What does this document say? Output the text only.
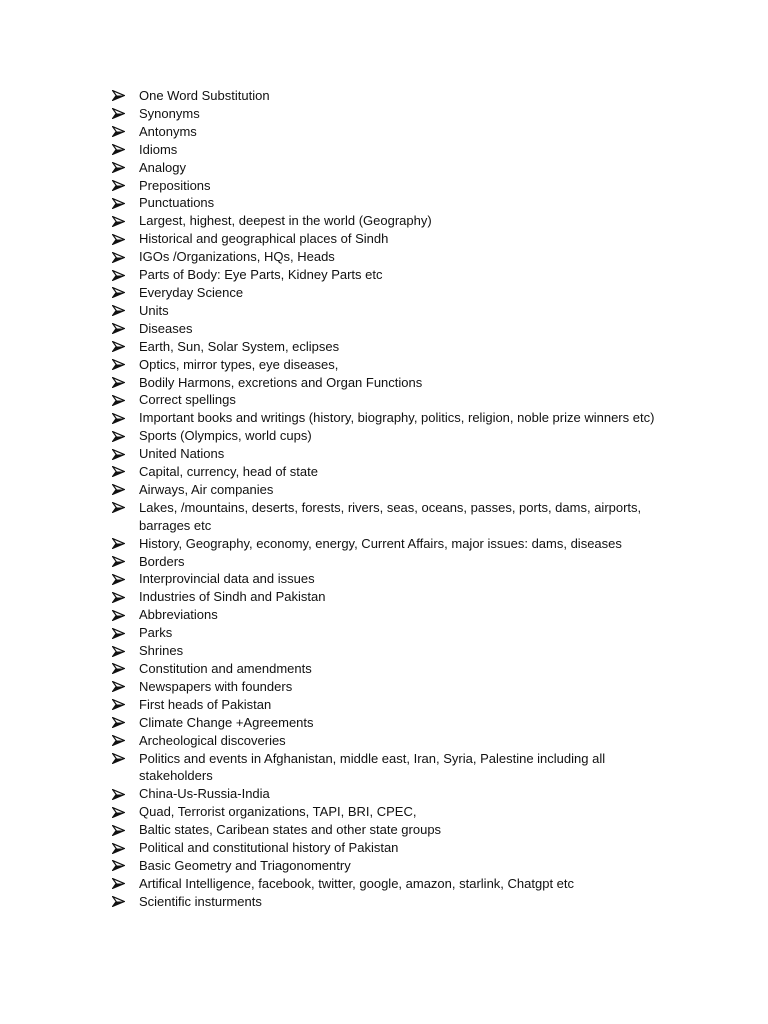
One Word Substitution
Synonyms
Antonyms
Idioms
Analogy
Prepositions
Punctuations
Largest, highest, deepest in the world (Geography)
Historical and geographical places of Sindh
IGOs /Organizations, HQs, Heads
Parts of Body: Eye Parts, Kidney Parts etc
Everyday Science
Units
Diseases
Earth, Sun, Solar System, eclipses
Optics, mirror types, eye diseases,
Bodily Harmons, excretions and Organ Functions
Correct spellings
Important books and writings (history, biography, politics, religion, noble prize winners etc)
Sports (Olympics, world cups)
United Nations
Capital, currency, head of state
Airways, Air companies
Lakes, /mountains, deserts, forests, rivers, seas, oceans, passes, ports, dams, airports, barrages etc
History, Geography, economy, energy, Current Affairs, major issues: dams, diseases
Borders
Interprovincial data and issues
Industries of Sindh and Pakistan
Abbreviations
Parks
Shrines
Constitution and amendments
Newspapers with founders
First heads of Pakistan
Climate Change +Agreements
Archeological discoveries
Politics and events in Afghanistan, middle east, Iran, Syria, Palestine including all stakeholders
China-Us-Russia-India
Quad, Terrorist organizations, TAPI, BRI, CPEC,
Baltic states, Caribean states and other state groups
Political and constitutional history of Pakistan
Basic Geometry and Triagonomentry
Artifical Intelligence, facebook, twitter, google, amazon, starlink, Chatgpt etc
Scientific insturments
